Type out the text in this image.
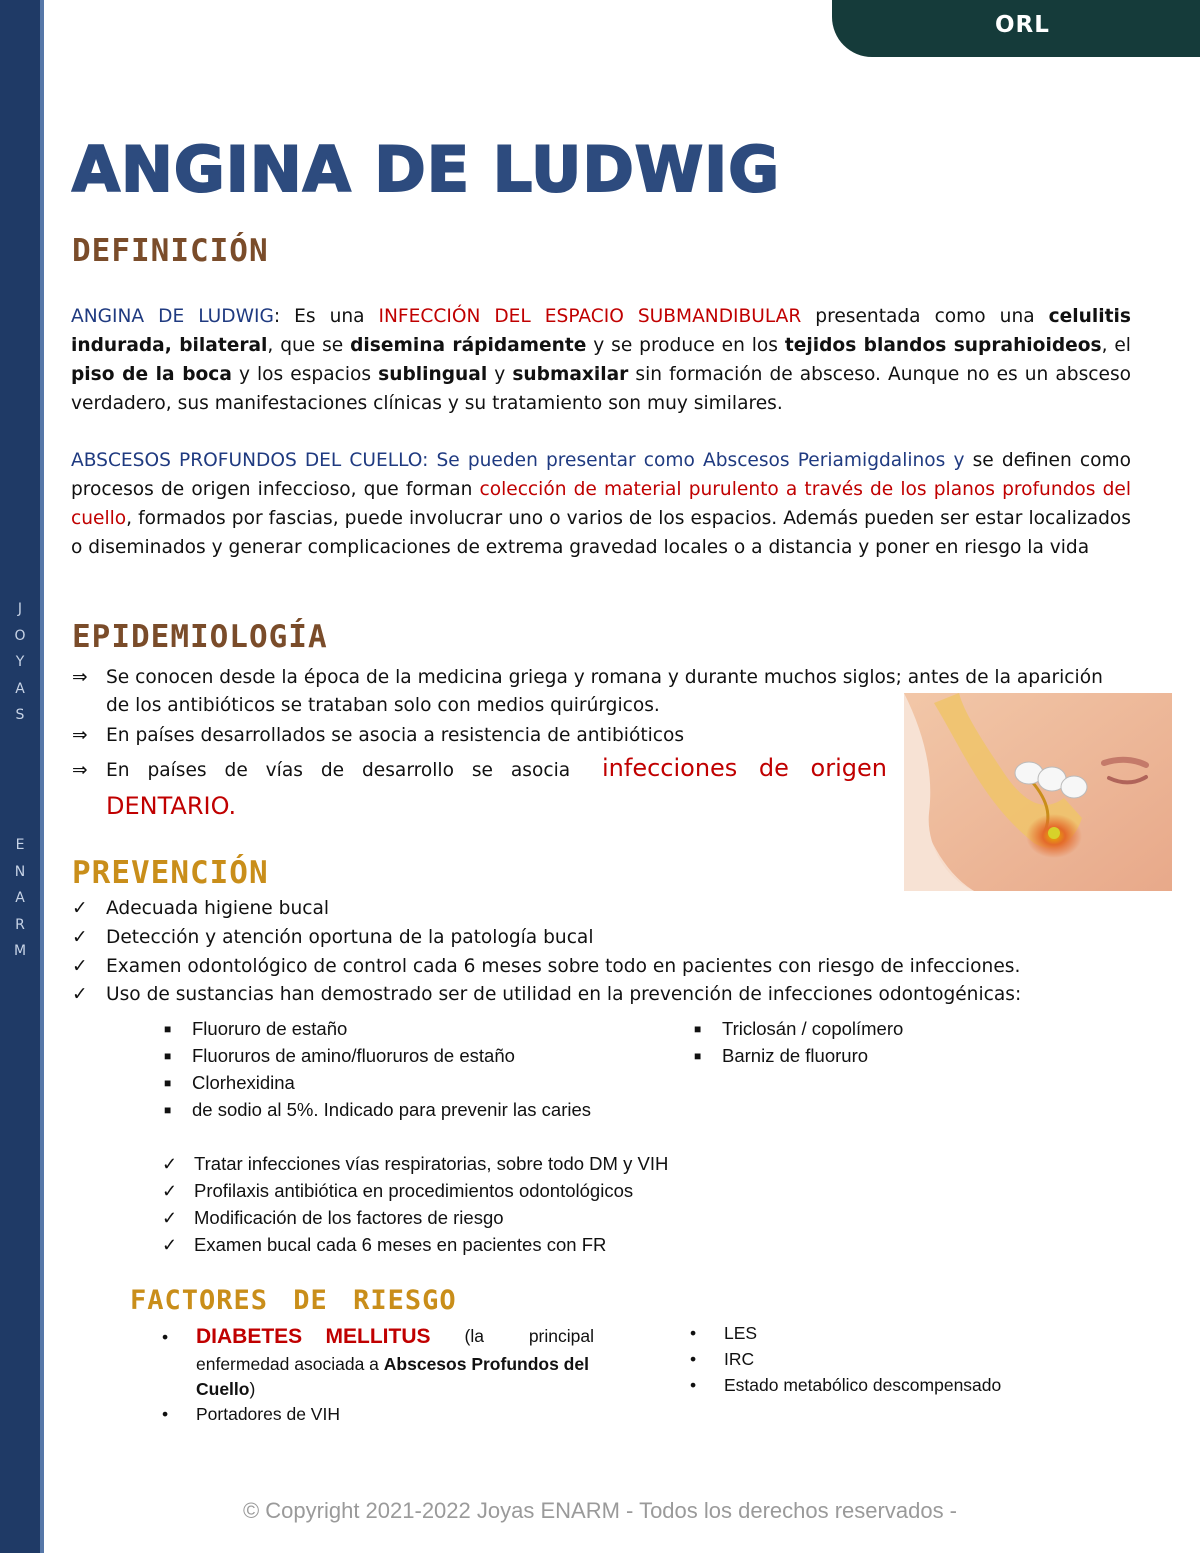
J
O
Y
A
S
E
N
A
R
M
ORL
ANGINA DE LUDWIG
DEFINICIÓN

ANGINA DE LUDWIG: Es una INFECCIÓN DEL ESPACIO SUBMANDIBULAR presentada como una celulitis indurada, bilateral, que se disemina rápidamente y se produce en los tejidos blandos suprahioideos, el piso de la boca y los espacios sublingual y submaxilar sin formación de absceso. Aunque no es un absceso verdadero, sus manifestaciones clínicas y su tratamiento son muy similares.

ABSCESOS PROFUNDOS DEL CUELLO: Se pueden presentar como Abscesos Periamigdalinos y se definen como procesos de origen infeccioso, que forman colección de material purulento a través de los planos profundos del cuello, formados por fascias, puede involucrar uno o varios de los espacios. Además pueden ser estar localizados o diseminados y generar complicaciones de extrema gravedad locales o a distancia y poner en riesgo la vida

EPIDEMIOLOGÍA
⇒ Se conocen desde la época de la medicina griega y romana y durante muchos siglos; antes de la aparición
de los antibióticos se trataban solo con medios quirúrgicos.
⇒ En países desarrollados se asocia a resistencia de antibióticos
⇒ En países de vías de desarrollo se asocia infecciones de origen
DENTARIO.
PREVENCIÓN
✓ Adecuada higiene bucal
✓ Detección y atención oportuna de la patología bucal
✓ Examen odontológico de control cada 6 meses sobre todo en pacientes con riesgo de infecciones.
✓ Uso de sustancias han demostrado ser de utilidad en la prevención de infecciones odontogénicas:
■ Fluoruro de estaño
■ Fluoruros de amino/fluoruros de estaño
■ Clorhexidina
■ de sodio al 5%. Indicado para prevenir las caries
■ Triclosán / copolímero
■ Barniz de fluoruro
✓ Tratar infecciones vías respiratorias, sobre todo DM y VIH
✓ Profilaxis antibiótica en procedimientos odontológicos
✓ Modificación de los factores de riesgo
✓ Examen bucal cada 6 meses en pacientes con FR
FACTORES DE RIESGO
• DIABETES    MELLITUS (la principal
enfermedad asociada a Abscesos Profundos del
Cuello)
• Portadores de VIH
• LES
• IRC
• Estado metabólico descompensado
© Copyright 2021-2022 Joyas ENARM - Todos los derechos reservados -
